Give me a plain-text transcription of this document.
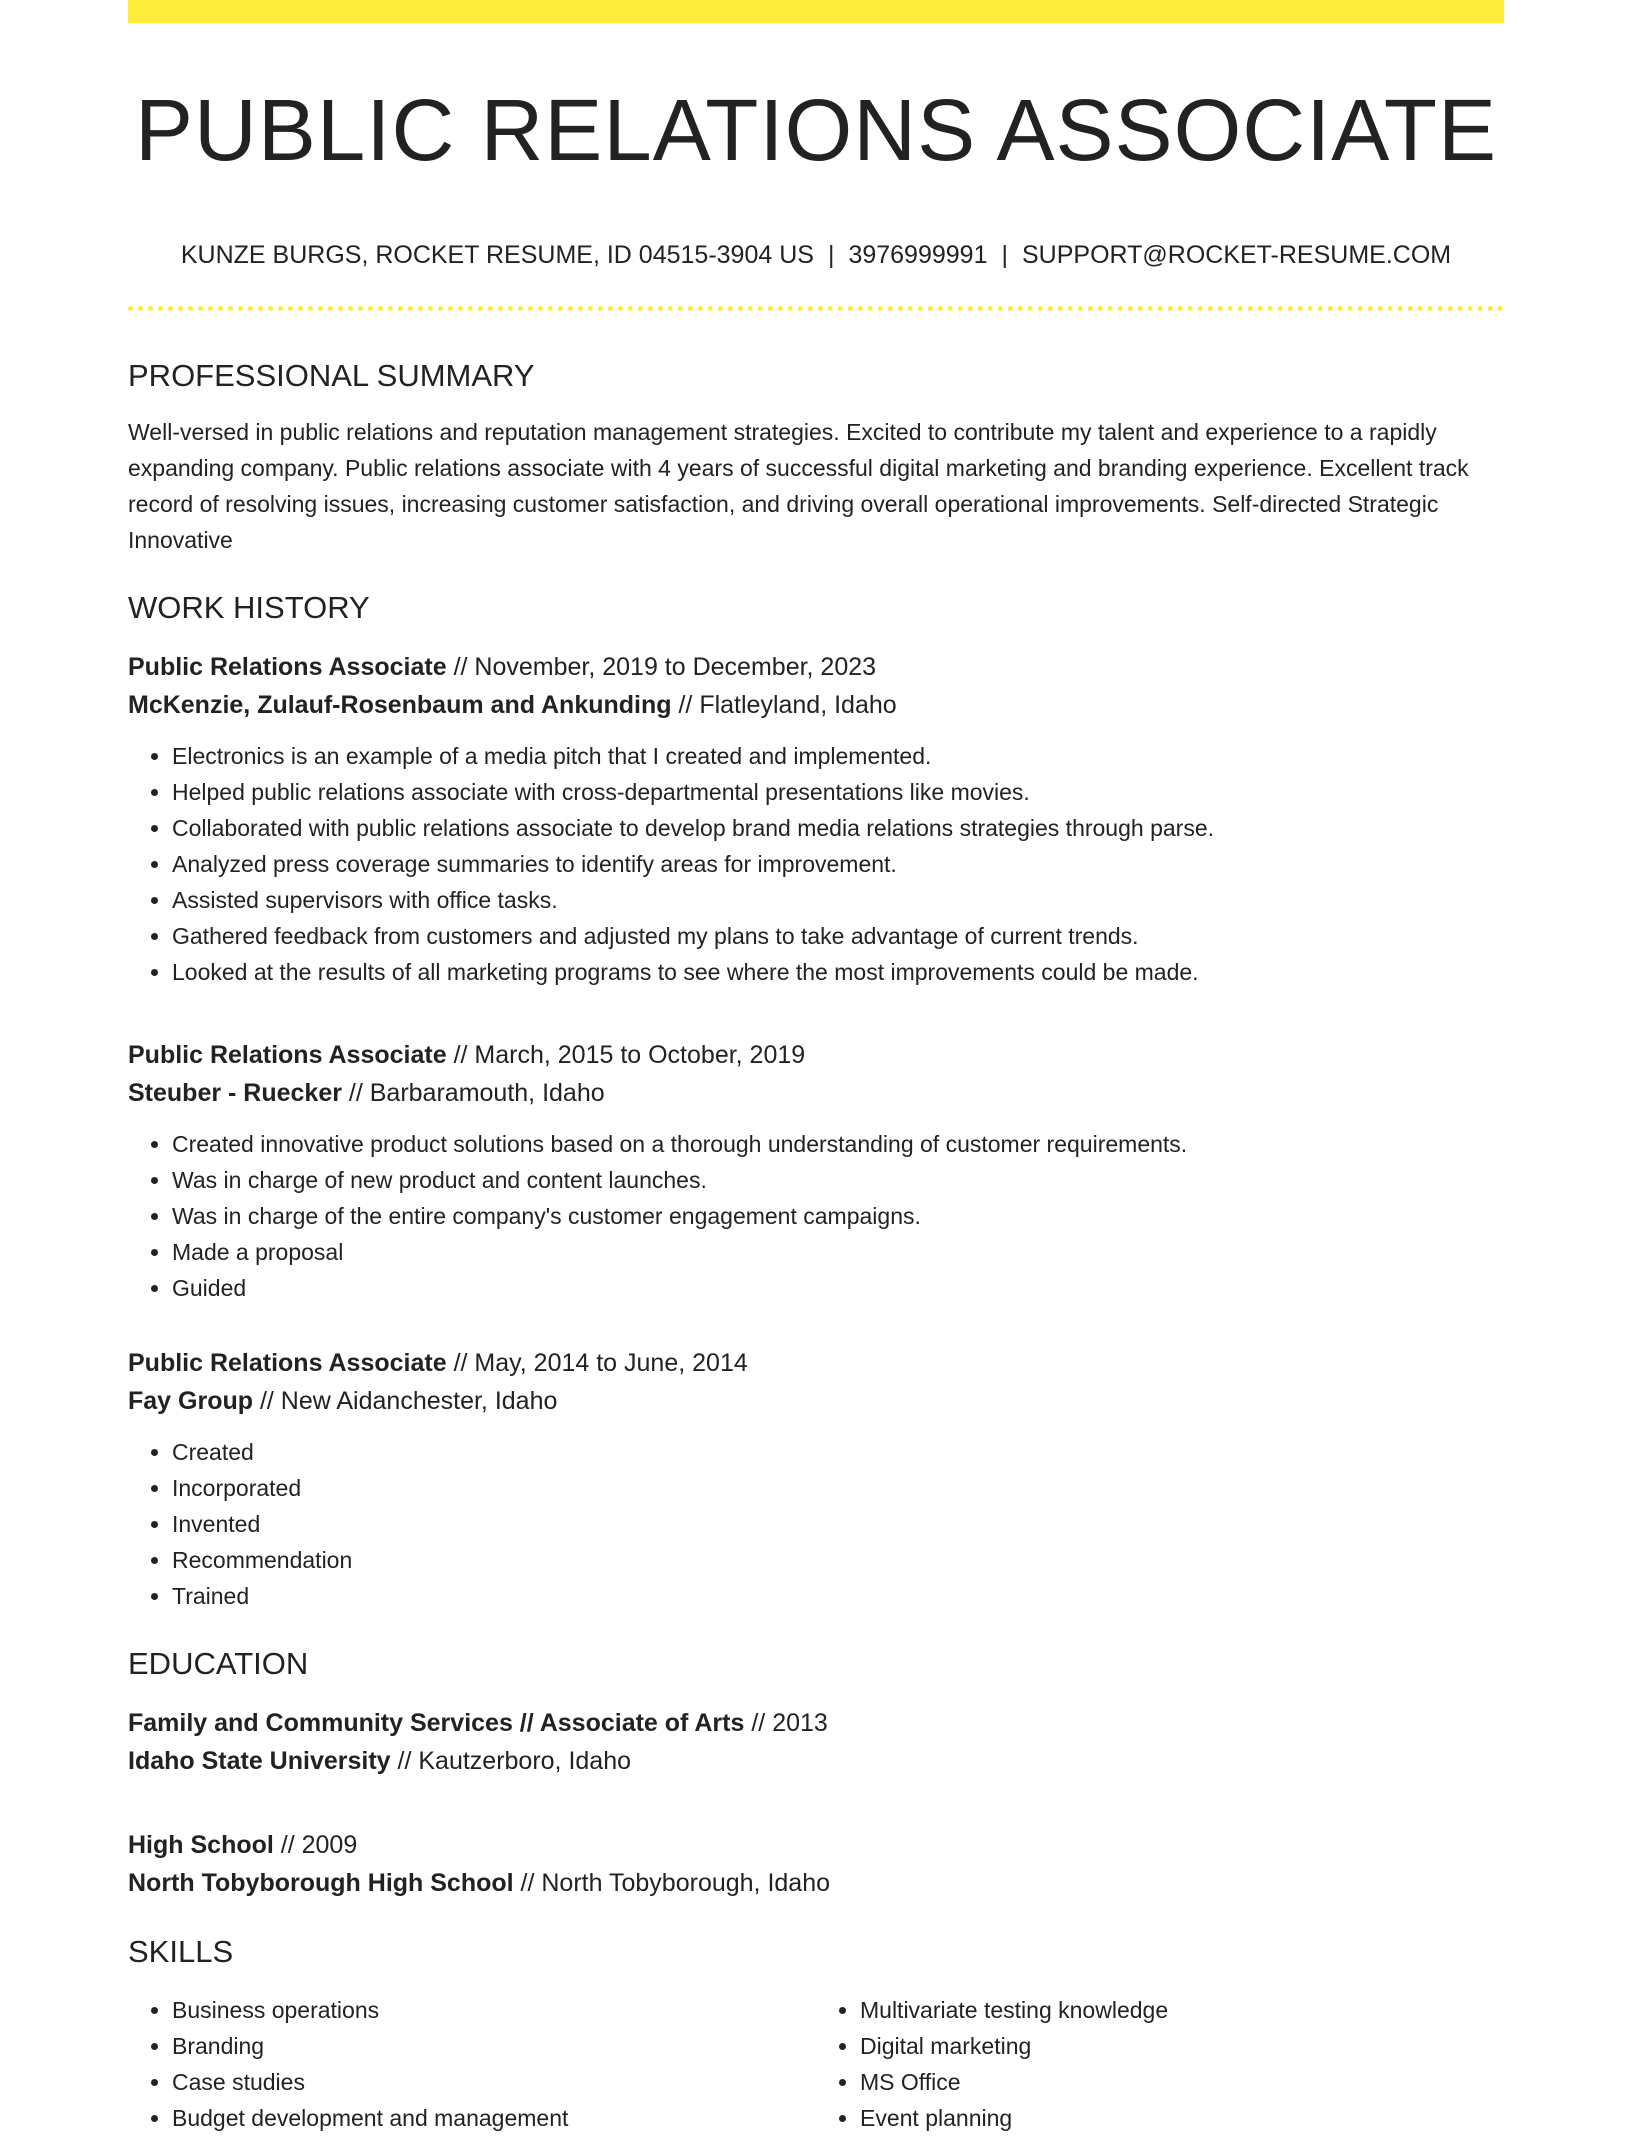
PUBLIC RELATIONS ASSOCIATE
KUNZE BURGS, ROCKET RESUME, ID 04515-3904 US | 3976999991 | SUPPORT@ROCKET-RESUME.COM
PROFESSIONAL SUMMARY

Well-versed in public relations and reputation management strategies. Excited to contribute my talent and experience to a rapidly expanding company. Public relations associate with 4 years of successful digital marketing and branding experience. Excellent track record of resolving issues, increasing customer satisfaction, and driving overall operational improvements. Self-directed Strategic Innovative

WORK HISTORY
Public Relations Associate // November, 2019 to December, 2023
McKenzie, Zulauf-Rosenbaum and Ankunding // Flatleyland, Idaho
• Electronics is an example of a media pitch that I created and implemented.
• Helped public relations associate with cross-departmental presentations like movies.
• Collaborated with public relations associate to develop brand media relations strategies through parse.
• Analyzed press coverage summaries to identify areas for improvement.
• Assisted supervisors with office tasks.
• Gathered feedback from customers and adjusted my plans to take advantage of current trends.
• Looked at the results of all marketing programs to see where the most improvements could be made.
Public Relations Associate // March, 2015 to October, 2019
Steuber - Ruecker // Barbaramouth, Idaho
• Created innovative product solutions based on a thorough understanding of customer requirements.
• Was in charge of new product and content launches.
• Was in charge of the entire company's customer engagement campaigns.
• Made a proposal
• Guided
Public Relations Associate // May, 2014 to June, 2014
Fay Group // New Aidanchester, Idaho
• Created
• Incorporated
• Invented
• Recommendation
• Trained
EDUCATION
Family and Community Services // Associate of Arts // 2013
Idaho State University // Kautzerboro, Idaho
High School // 2009
North Tobyborough High School // North Tobyborough, Idaho
SKILLS
• Business operations
• Branding
• Case studies
• Budget development and management
• Multivariate testing knowledge
• Digital marketing
• MS Office
• Event planning
